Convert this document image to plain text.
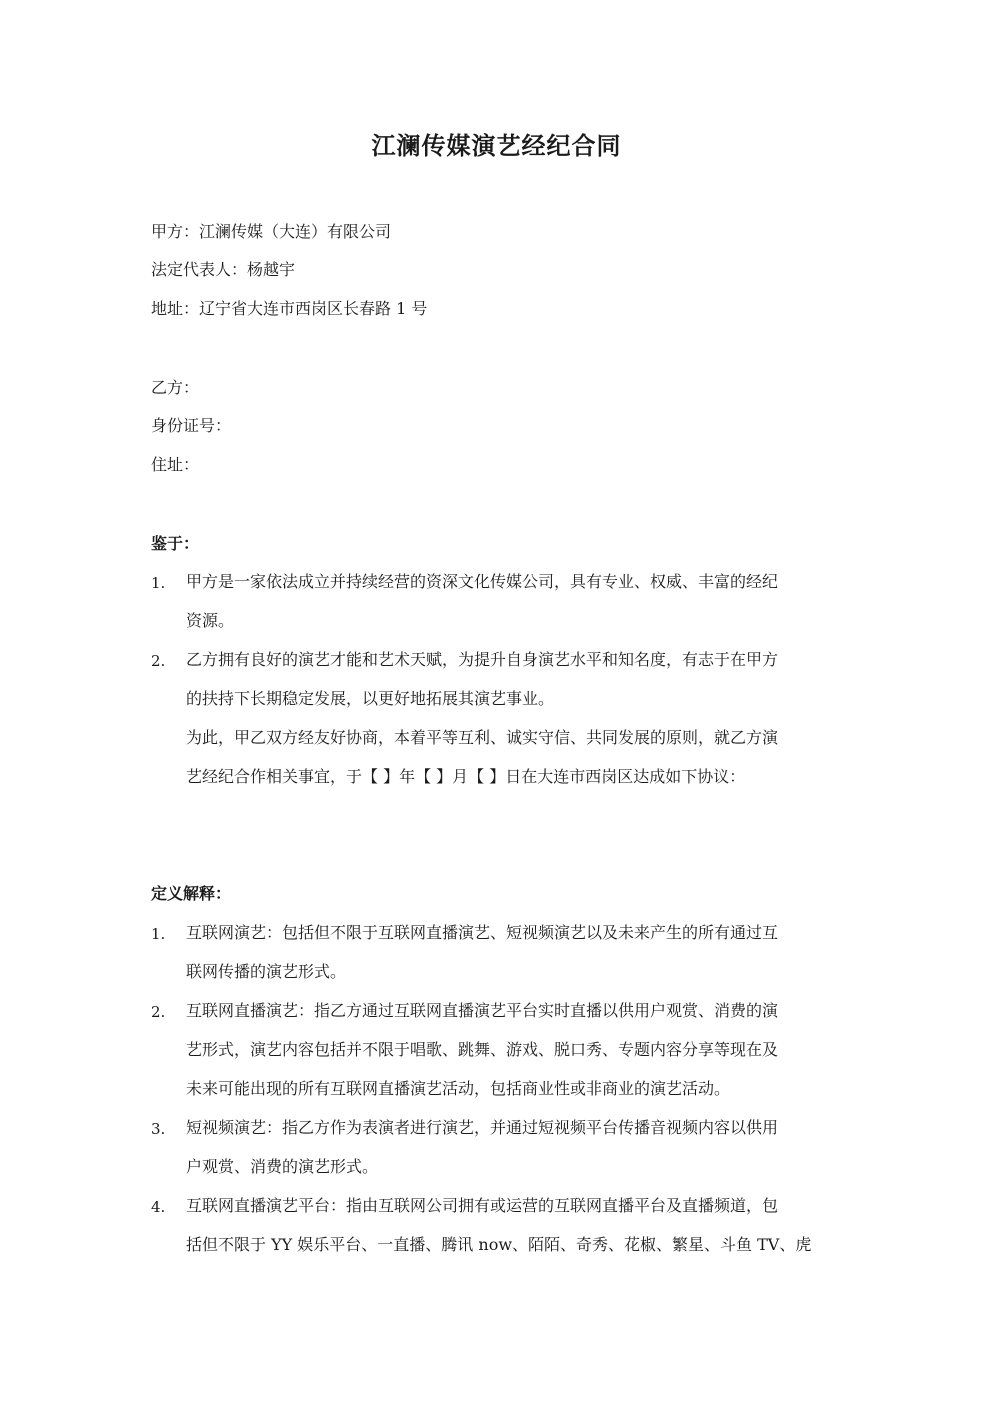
江澜传媒演艺经纪合同
甲方：江澜传媒（大连）有限公司
法定代表人：杨越宇
地址：辽宁省大连市西岗区长春路 1 号
乙方：
身份证号：
住址：
鉴于：
1. 甲方是一家依法成立并持续经营的资深文化传媒公司，具有专业、权威、丰富的经纪
资源。
2. 乙方拥有良好的演艺才能和艺术天赋，为提升自身演艺水平和知名度，有志于在甲方
的扶持下长期稳定发展，以更好地拓展其演艺事业。
为此，甲乙双方经友好协商，本着平等互利、诚实守信、共同发展的原则，就乙方演
艺经纪合作相关事宜，于【 】年【 】月【 】日在大连市西岗区达成如下协议：
定义解释：
1. 互联网演艺：包括但不限于互联网直播演艺、短视频演艺以及未来产生的所有通过互
联网传播的演艺形式。
2. 互联网直播演艺：指乙方通过互联网直播演艺平台实时直播以供用户观赏、消费的演
艺形式，演艺内容包括并不限于唱歌、跳舞、游戏、脱口秀、专题内容分享等现在及
未来可能出现的所有互联网直播演艺活动，包括商业性或非商业的演艺活动。
3. 短视频演艺：指乙方作为表演者进行演艺，并通过短视频平台传播音视频内容以供用
户观赏、消费的演艺形式。
4. 互联网直播演艺平台：指由互联网公司拥有或运营的互联网直播平台及直播频道，包
括但不限于 YY 娱乐平台、一直播、腾讯 now、陌陌、奇秀、花椒、繁星、斗鱼 TV、虎
